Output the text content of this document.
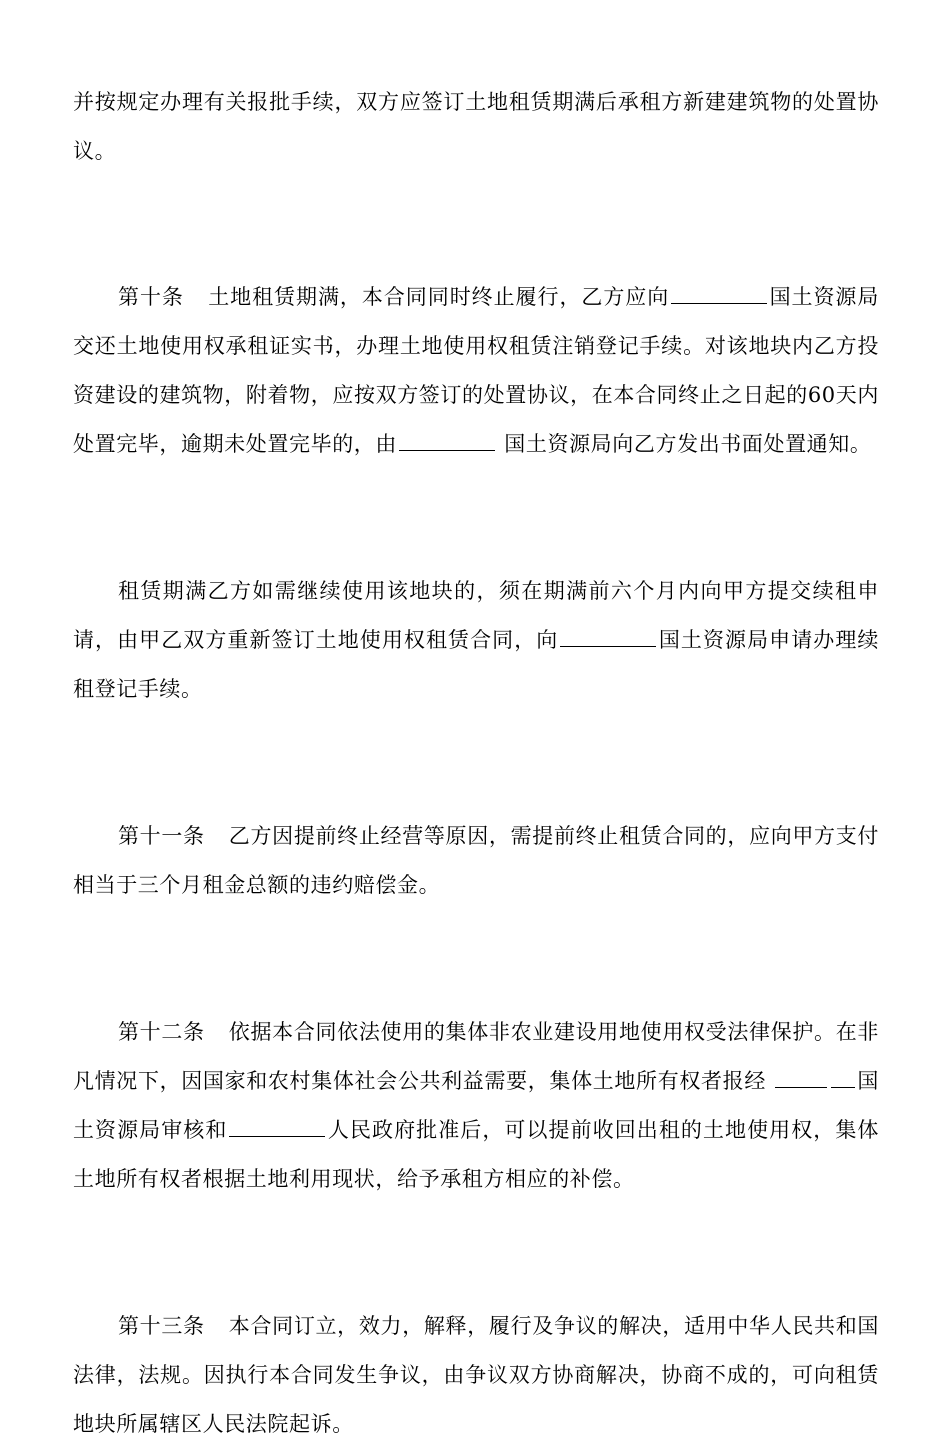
并按规定办理有关报批手续，双方应签订土地租赁期满后承租方新建建筑物的处置协议。

第十条 土地租赁期满，本合同同时终止履行，乙方应向	国土资源局交还土地使用权承租证实书，办理土地使用权租赁注销登记手续。对该地块内乙方投资建设的建筑物，附着物，应按双方签订的处置协议，在本合同终止之日起的60天内处置完毕，逾期未处置完毕的，由	国土资源局向乙方发出书面处置通知。

租赁期满乙方如需继续使用该地块的，须在期满前六个月内向甲方提交续租申请，由甲乙双方重新签订土地使用权租赁合同，向	国土资源局申请办理续租登记手续。

第十一条 乙方因提前终止经营等原因，需提前终止租赁合同的，应向甲方支付相当于三个月租金总额的违约赔偿金。

第十二条 依据本合同依法使用的集体非农业建设用地使用权受法律保护。在非凡情况下，因国家和农村集体社会公共利益需要，集体土地所有权者报经	国土资源局审核和	人民政府批准后，可以提前收回出租的土地使用权，集体土地所有权者根据土地利用现状，给予承租方相应的补偿。

第十三条 本合同订立，效力，解释，履行及争议的解决，适用中华人民共和国法律，法规。因执行本合同发生争议，由争议双方协商解决，协商不成的，可向租赁地块所属辖区人民法院起诉。
